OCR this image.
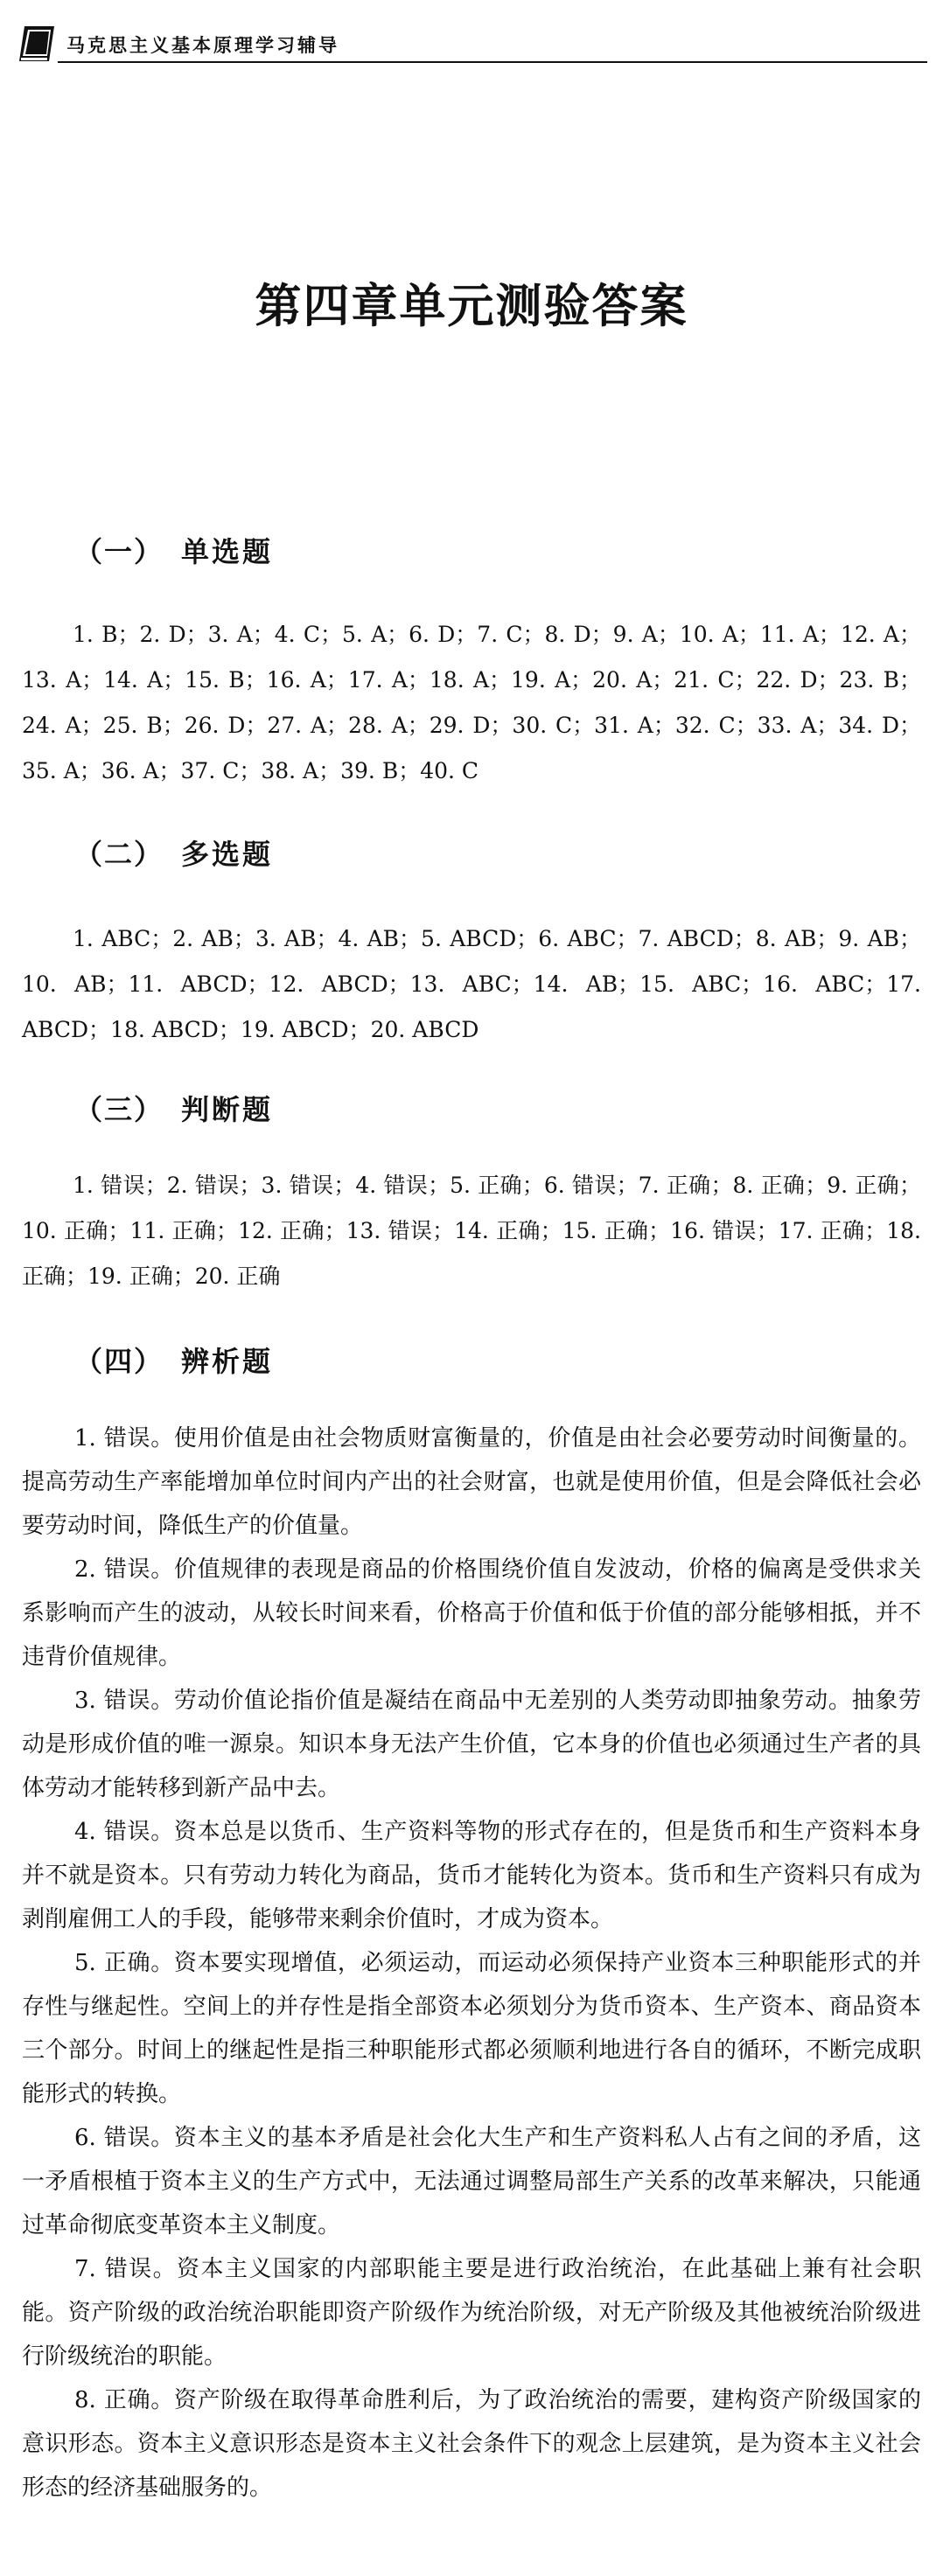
马克思主义基本原理学习辅导
第四章单元测验答案
（一） 单选题

1. B；2. D；3. A；4. C；5. A；6. D；7. C；8. D；9. A；10. A；11. A；12. A；13. A；14. A；15. B；16. A；17. A；18. A；19. A；20. A；21. C；22. D；23. B；24. A；25. B；26. D；27. A；28. A；29. D；30. C；31. A；32. C；33. A；34. D；35. A；36. A；37. C；38. A；39. B；40. C

（二） 多选题

1. ABC；2. AB；3. AB；4. AB；5. ABCD；6. ABC；7. ABCD；8. AB；9. AB；10. AB；11. ABCD；12. ABCD；13. ABC；14. AB；15. ABC；16. ABC；17. ABCD；18. ABCD；19. ABCD；20. ABCD

（三） 判断题

1. 错误；2. 错误；3. 错误；4. 错误；5. 正确；6. 错误；7. 正确；8. 正确；9. 正确；10. 正确；11. 正确；12. 正确；13. 错误；14. 正确；15. 正确；16. 错误；17. 正确；18. 正确；19. 正确；20. 正确

（四） 辨析题

1. 错误。使用价值是由社会物质财富衡量的，价值是由社会必要劳动时间衡量的。提高劳动生产率能增加单位时间内产出的社会财富，也就是使用价值，但是会降低社会必要劳动时间，降低生产的价值量。

2. 错误。价值规律的表现是商品的价格围绕价值自发波动，价格的偏离是受供求关系影响而产生的波动，从较长时间来看，价格高于价值和低于价值的部分能够相抵，并不违背价值规律。

3. 错误。劳动价值论指价值是凝结在商品中无差别的人类劳动即抽象劳动。抽象劳动是形成价值的唯一源泉。知识本身无法产生价值，它本身的价值也必须通过生产者的具体劳动才能转移到新产品中去。

4. 错误。资本总是以货币、生产资料等物的形式存在的，但是货币和生产资料本身并不就是资本。只有劳动力转化为商品，货币才能转化为资本。货币和生产资料只有成为剥削雇佣工人的手段，能够带来剩余价值时，才成为资本。

5. 正确。资本要实现增值，必须运动，而运动必须保持产业资本三种职能形式的并存性与继起性。空间上的并存性是指全部资本必须划分为货币资本、生产资本、商品资本三个部分。时间上的继起性是指三种职能形式都必须顺利地进行各自的循环，不断完成职能形式的转换。

6. 错误。资本主义的基本矛盾是社会化大生产和生产资料私人占有之间的矛盾，这一矛盾根植于资本主义的生产方式中，无法通过调整局部生产关系的改革来解决，只能通过革命彻底变革资本主义制度。

7. 错误。资本主义国家的内部职能主要是进行政治统治，在此基础上兼有社会职能。资产阶级的政治统治职能即资产阶级作为统治阶级，对无产阶级及其他被统治阶级进行阶级统治的职能。

8. 正确。资产阶级在取得革命胜利后，为了政治统治的需要，建构资产阶级国家的意识形态。资本主义意识形态是资本主义社会条件下的观念上层建筑，是为资本主义社会形态的经济基础服务的。
